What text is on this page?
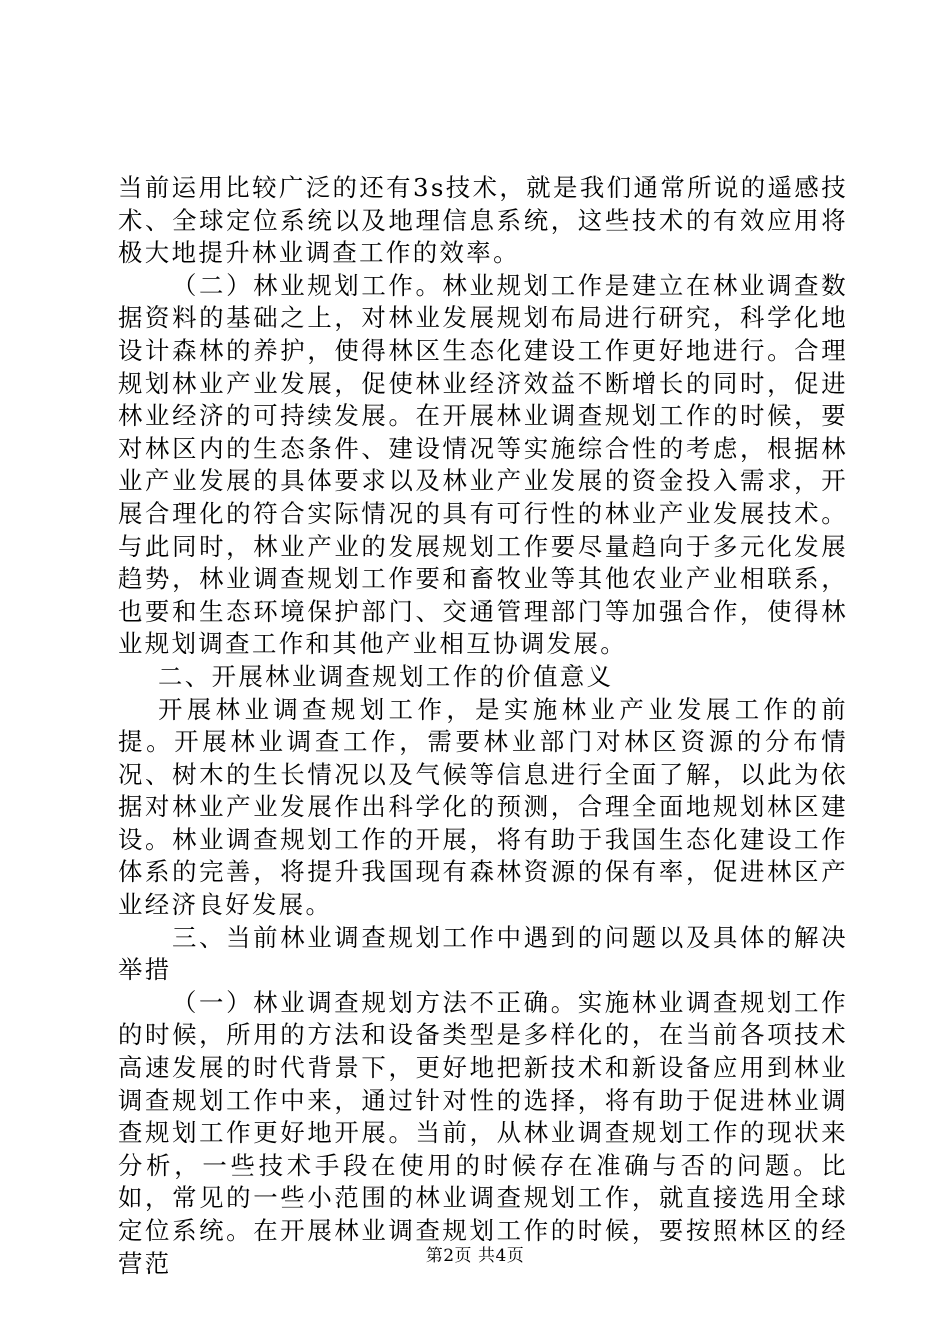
当前运用比较广泛的还有3s技术，就是我们通常所说的遥感技术、全球定位系统以及地理信息系统，这些技术的有效应用将极大地提升林业调查工作的效率。

（二）林业规划工作。林业规划工作是建立在林业调查数据资料的基础之上，对林业发展规划布局进行研究，科学化地设计森林的养护，使得林区生态化建设工作更好地进行。合理规划林业产业发展，促使林业经济效益不断增长的同时，促进林业经济的可持续发展。在开展林业调查规划工作的时候，要对林区内的生态条件、建设情况等实施综合性的考虑，根据林业产业发展的具体要求以及林业产业发展的资金投入需求，开展合理化的符合实际情况的具有可行性的林业产业发展技术。与此同时，林业产业的发展规划工作要尽量趋向于多元化发展趋势，林业调查规划工作要和畜牧业等其他农业产业相联系，也要和生态环境保护部门、交通管理部门等加强合作，使得林业规划调查工作和其他产业相互协调发展。

二、开展林业调查规划工作的价值意义

开展林业调查规划工作，是实施林业产业发展工作的前提。开展林业调查工作，需要林业部门对林区资源的分布情况、树木的生长情况以及气候等信息进行全面了解，以此为依据对林业产业发展作出科学化的预测，合理全面地规划林区建设。林业调查规划工作的开展，将有助于我国生态化建设工作体系的完善，将提升我国现有森林资源的保有率，促进林区产业经济良好发展。

三、当前林业调查规划工作中遇到的问题以及具体的解决举措

（一）林业调查规划方法不正确。实施林业调查规划工作的时候，所用的方法和设备类型是多样化的，在当前各项技术高速发展的时代背景下，更好地把新技术和新设备应用到林业调查规划工作中来，通过针对性的选择，将有助于促进林业调查规划工作更好地开展。当前，从林业调查规划工作的现状来分析，一些技术手段在使用的时候存在准确与否的问题。比如，常见的一些小范围的林业调查规划工作，就直接选用全球定位系统。在开展林业调查规划工作的时候，要按照林区的经营范	第2页 共4页
